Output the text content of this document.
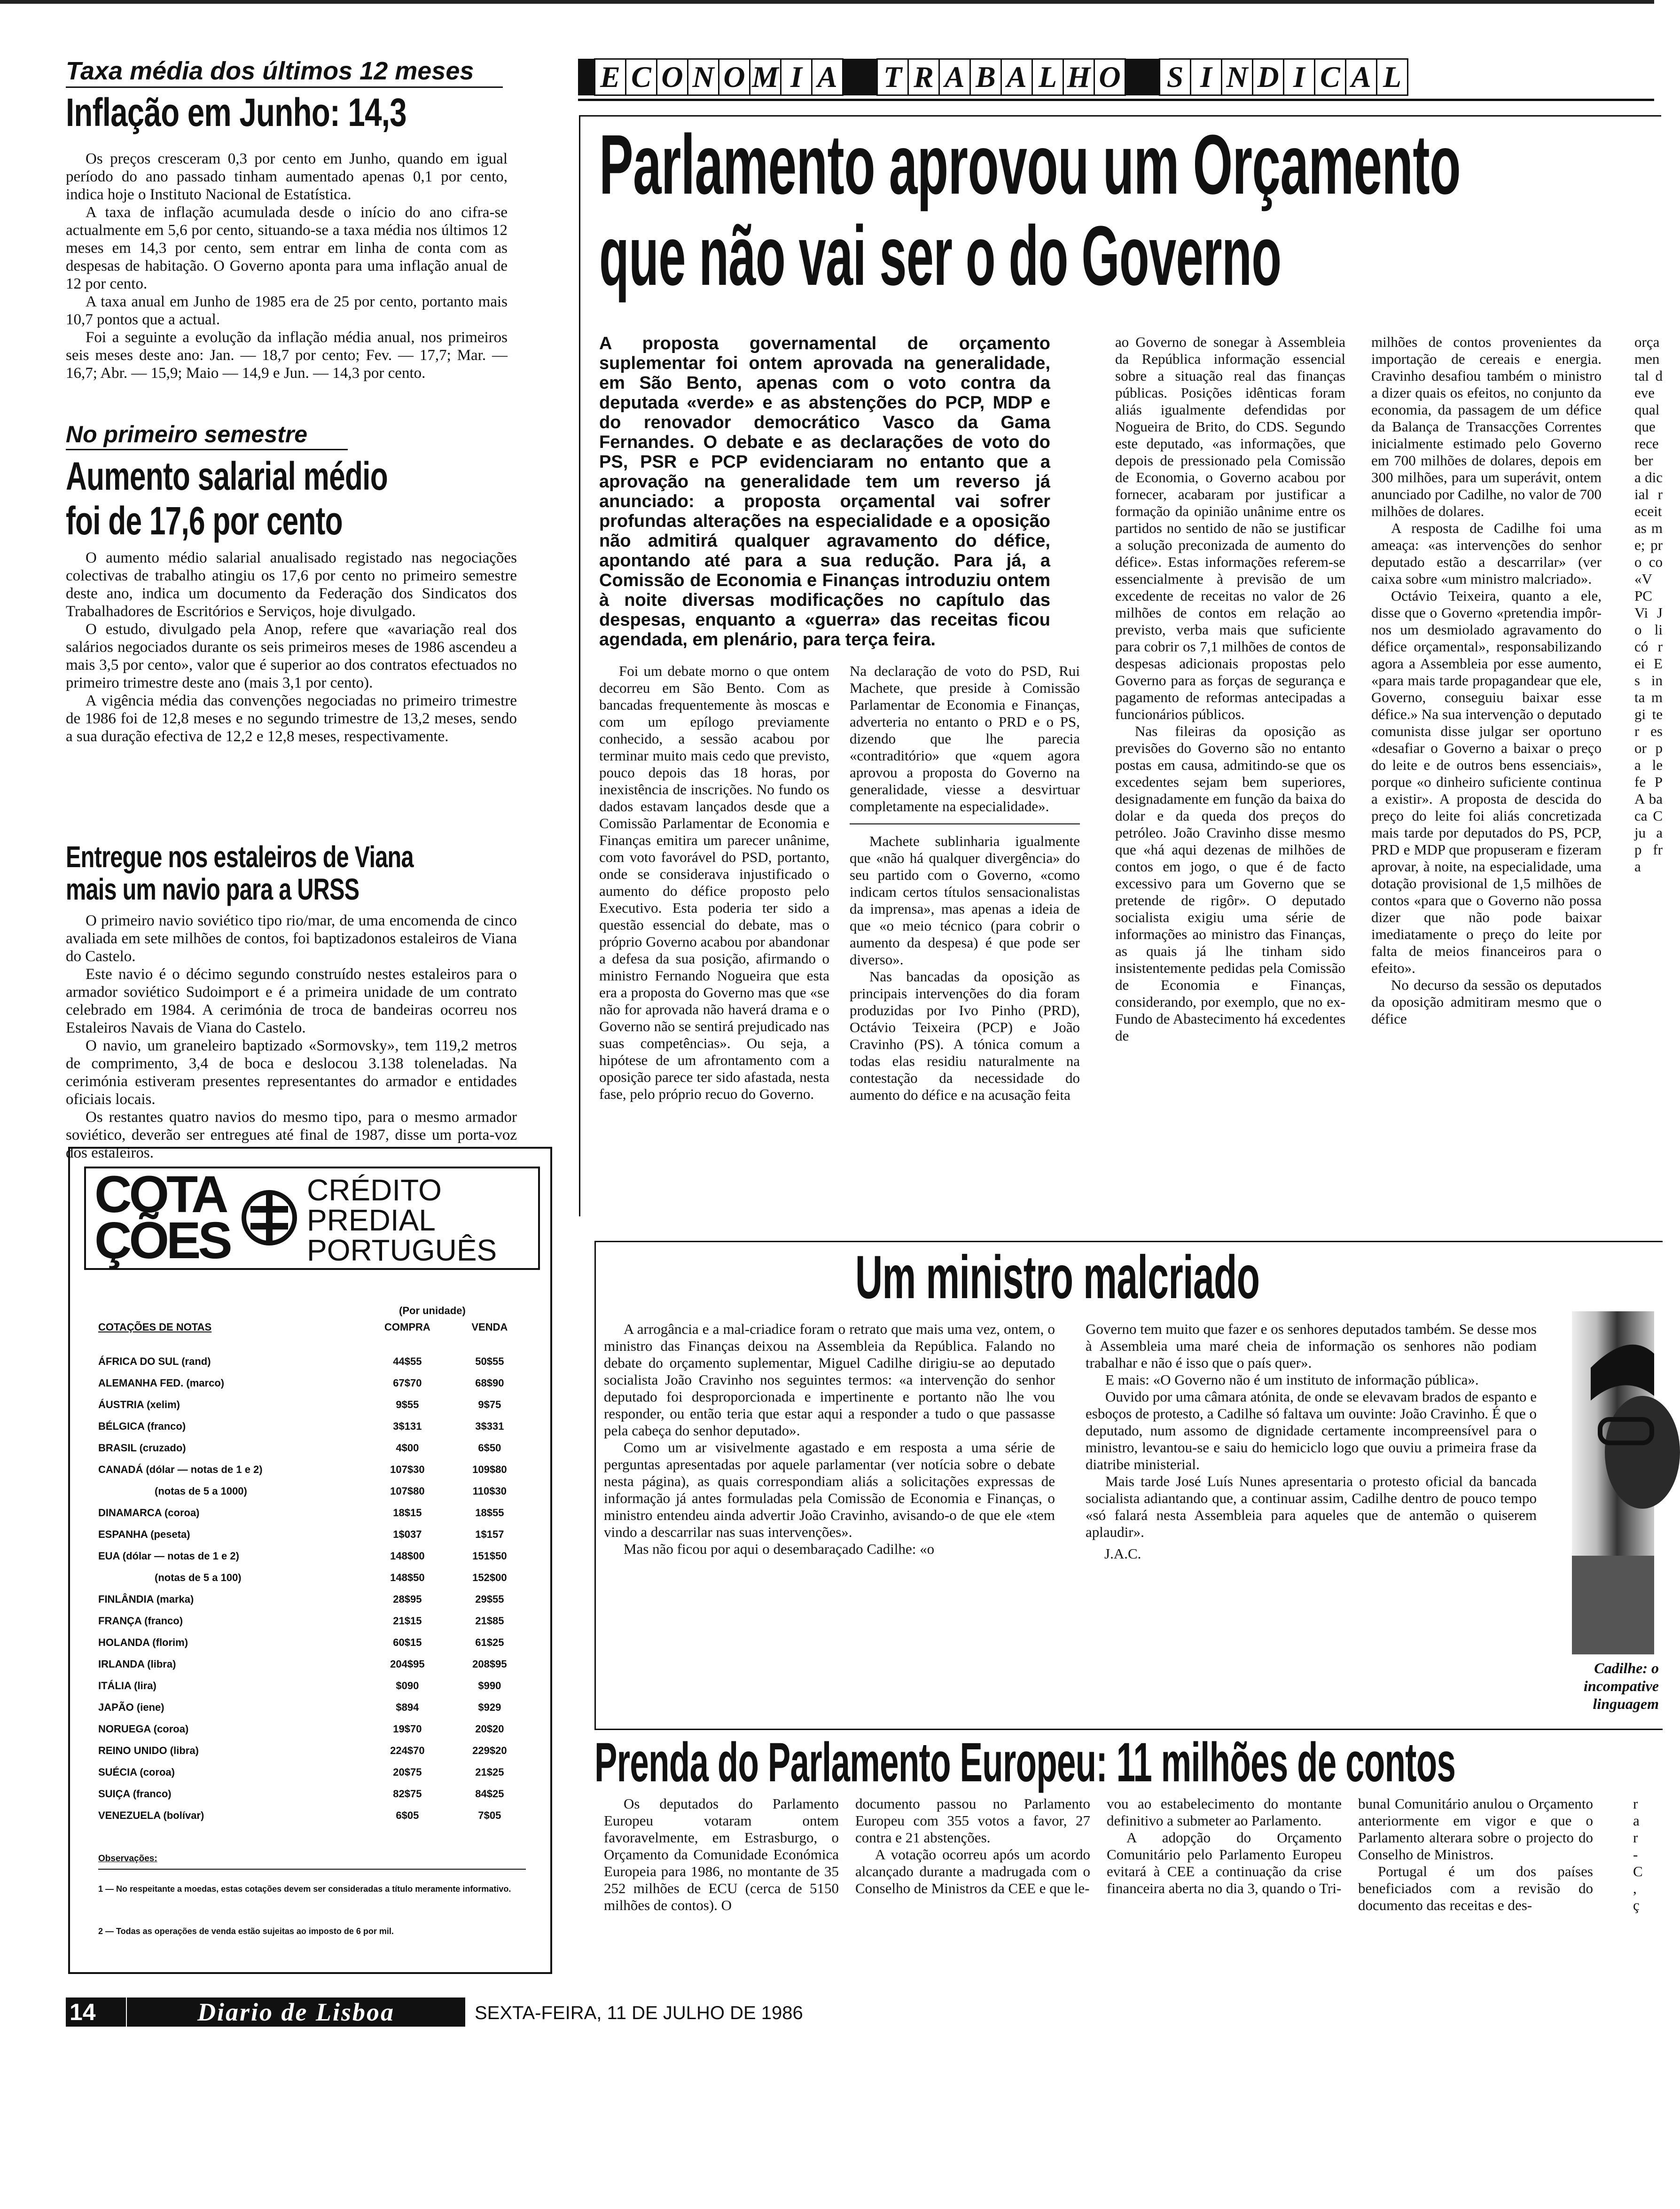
Taxa média dos últimos 12 meses
Inflação em Junho: 14,3

Os preços cresceram 0,3 por cento em Junho, quando em igual período do ano passado tinham aumentado apenas 0,1 por cento, indica hoje o Instituto Nacional de Estatística.

A taxa de inflação acumulada desde o início do ano cifra-se actualmente em 5,6 por cento, situando-se a taxa média nos últimos 12 meses em 14,3 por cento, sem entrar em linha de conta com as despesas de habitação. O Governo aponta para uma inflação anual de 12 por cento.

A taxa anual em Junho de 1985 era de 25 por cento, portanto mais 10,7 pontos que a actual.

Foi a seguinte a evolução da inflação média anual, nos primeiros seis meses deste ano: Jan. — 18,7 por cento; Fev. — 17,7; Mar. — 16,7; Abr. — 15,9; Maio — 14,9 e Jun. — 14,3 por cento.

No primeiro semestre
Aumento salarial médio
foi de 17,6 por cento

O aumento médio salarial anualisado registado nas negociações colectivas de trabalho atingiu os 17,6 por cento no primeiro semestre deste ano, indica um documento da Federação dos Sindicatos dos Trabalhadores de Escritórios e Serviços, hoje divulgado.

O estudo, divulgado pela Anop, refere que «avariação real dos salários negociados durante os seis primeiros meses de 1986 ascendeu a mais 3,5 por cento», valor que é superior ao dos contratos efectuados no primeiro trimestre deste ano (mais 3,1 por cento).

A vigência média das convenções negociadas no primeiro trimestre de 1986 foi de 12,8 meses e no segundo trimestre de 13,2 meses, sendo a sua duração efectiva de 12,2 e 12,8 meses, respectivamente.

Entregue nos estaleiros de Viana
mais um navio para a URSS

O primeiro navio soviético tipo rio/mar, de uma encomenda de cinco avaliada em sete milhões de contos, foi baptizadonos estaleiros de Viana do Castelo.

Este navio é o décimo segundo construído nestes estaleiros para o armador soviético Sudoimport e é a primeira unidade de um contrato celebrado em 1984. A cerimónia de troca de bandeiras ocorreu nos Estaleiros Navais de Viana do Castelo.

O navio, um graneleiro baptizado «Sormovsky», tem 119,2 metros de comprimento, 3,4 de boca e deslocou 3.138 toleneladas. Na cerimónia estiveram presentes representantes do armador e entidades oficiais locais.

Os restantes quatro navios do mesmo tipo, para o mesmo armador soviético, deverão ser entregues até final de 1987, disse um porta-voz dos estaleiros.

COTA
ÇÕES
CRÉDITO
PREDIAL
PORTUGUÊS
(Por unidade)
COTAÇÕES DE NOTAS	COMPRA	VENDA
ÁFRICA DO SUL (rand)	44$55	50$55
ALEMANHA FED. (marco)	67$70	68$90
ÁUSTRIA (xelim)	9$55	9$75
BÉLGICA (franco)	3$131	3$331
BRASIL (cruzado)	4$00	6$50
CANADÁ (dólar — notas de 1 e 2)	107$30	109$80
(notas de 5 a 1000)	107$80	110$30
DINAMARCA (coroa)	18$15	18$55
ESPANHA (peseta)	1$037	1$157
EUA (dólar — notas de 1 e 2)	148$00	151$50
(notas de 5 a 100)	148$50	152$00
FINLÂNDIA (marka)	28$95	29$55
FRANÇA (franco)	21$15	21$85
HOLANDA (florim)	60$15	61$25
IRLANDA (libra)	204$95	208$95
ITÁLIA (lira)	$090	$990
JAPÃO (iene)	$894	$929
NORUEGA (coroa)	19$70	20$20
REINO UNIDO (libra)	224$70	229$20
SUÉCIA (coroa)	20$75	21$25
SUIÇA (franco)	82$75	84$25
VENEZUELA (bolívar)	6$05	7$05
Observações:
1 — No respeitante a moedas, estas cotações devem ser consideradas a título meramente informativo.
2 — Todas as operações de venda estão sujeitas ao imposto de 6 por mil.
E C O N O M I A T R A B A L H O S I N D I C A L
Parlamento aprovou um Orçamento
que não vai ser o do Governo
A proposta governamental de orçamento suplementar foi ontem aprovada na generalidade, em São Bento, apenas com o voto contra da deputada «verde» e as abstenções do PCP, MDP e do renovador democrático Vasco da Gama Fernandes. O debate e as declarações de voto do PS, PSR e PCP evidenciaram no entanto que a aprovação na generalidade tem um reverso já anunciado: a proposta orçamental vai sofrer profundas alterações na especialidade e a oposição não admitirá qualquer agravamento do défice, apontando até para a sua redução. Para já, a Comissão de Economia e Finanças introduziu ontem à noite diversas modificações no capítulo das despesas, enquanto a «guerra» das receitas ficou agendada, em plenário, para terça feira.

Foi um debate morno o que ontem decorreu em São Bento. Com as bancadas frequentemente às moscas e com um epílogo previamente conhecido, a sessão acabou por terminar muito mais cedo que previsto, pouco depois das 18 horas, por inexistência de inscrições. No fundo os dados estavam lançados desde que a Comissão Parlamentar de Economia e Finanças emitira um parecer unânime, com voto favorável do PSD, portanto, onde se considerava injustificado o aumento do défice proposto pelo Executivo. Esta poderia ter sido a questão essencial do debate, mas o próprio Governo acabou por abandonar a defesa da sua posição, afirmando o ministro Fernando Nogueira que esta era a proposta do Governo mas que «se não for aprovada não haverá drama e o Governo não se sentirá prejudicado nas suas competências». Ou seja, a hipótese de um afrontamento com a oposição parece ter sido afastada, nesta fase, pelo próprio recuo do Governo.

Na declaração de voto do PSD, Rui Machete, que preside à Comissão Parlamentar de Economia e Finanças, adverteria no entanto o PRD e o PS, dizendo que lhe parecia «contraditório» que «quem agora aprovou a proposta do Governo na generalidade, viesse a desvirtuar completamente na especialidade».

Machete sublinharia igualmente que «não há qualquer divergência» do seu partido com o Governo, «como indicam certos títulos sensacionalistas da imprensa», mas apenas a ideia de que «o meio técnico (para cobrir o aumento da despesa) é que pode ser diverso».

Nas bancadas da oposição as principais intervenções do dia foram produzidas por Ivo Pinho (PRD), Octávio Teixeira (PCP) e João Cravinho (PS). A tónica comum a todas elas residiu naturalmente na contestação da necessidade do aumento do défice e na acusação feita

ao Governo de sonegar à Assembleia da República informação essencial sobre a situação real das finanças públicas. Posições idênticas foram aliás igualmente defendidas por Nogueira de Brito, do CDS. Segundo este deputado, «as informações, que depois de pressionado pela Comissão de Economia, o Governo acabou por fornecer, acabaram por justificar a formação da opinião unânime entre os partidos no sentido de não se justificar a solução preconizada de aumento do défice». Estas informações referem-se essencialmente à previsão de um excedente de receitas no valor de 26 milhões de contos em relação ao previsto, verba mais que suficiente para cobrir os 7,1 milhões de contos de despesas adicionais propostas pelo Governo para as forças de segurança e pagamento de reformas antecipadas a funcionários públicos.

Nas fileiras da oposição as previsões do Governo são no entanto postas em causa, admitindo-se que os excedentes sejam bem superiores, designadamente em função da baixa do dolar e da queda dos preços do petróleo. João Cravinho disse mesmo que «há aqui dezenas de milhões de contos em jogo, o que é de facto excessivo para um Governo que se pretende de rigôr». O deputado socialista exigiu uma série de informações ao ministro das Finanças, as quais já lhe tinham sido insistentemente pedidas pela Comissão de Economia e Finanças, considerando, por exemplo, que no ex-Fundo de Abastecimento há excedentes de

milhões de contos provenientes da importação de cereais e energia. Cravinho desafiou também o ministro a dizer quais os efeitos, no conjunto da economia, da passagem de um défice da Balança de Transacções Correntes inicialmente estimado pelo Governo em 700 milhões de dolares, depois em 300 milhões, para um superávit, ontem anunciado por Cadilhe, no valor de 700 milhões de dolares.

A resposta de Cadilhe foi uma ameaça: «as intervenções do senhor deputado estão a descarrilar» (ver caixa sobre «um ministro malcriado».

Octávio Teixeira, quanto a ele, disse que o Governo «pretendia impôr-nos um desmiolado agravamento do défice orçamental», responsabilizando agora a Assembleia por esse aumento, «para mais tarde propagandear que ele, Governo, conseguiu baixar esse défice.» Na sua intervenção o deputado comunista disse julgar ser oportuno «desafiar o Governo a baixar o preço do leite e de outros bens essenciais», porque «o dinheiro suficiente continua a existir». A proposta de descida do preço do leite foi aliás concretizada mais tarde por deputados do PS, PCP, PRD e MDP que propuseram e fizeram aprovar, à noite, na especialidade, uma dotação provisional de 1,5 milhões de contos «para que o Governo não possa dizer que não pode baixar imediatamente o preço do leite por falta de meios financeiros para o efeito».

No decurso da sessão os deputados da oposição admitiram mesmo que o défice

orçamental deve qual que receber a dicial receitas me; pro co «V PC Vi Jo li có rei Es in ta m gi ter es or pa le fe P A ba ca C ju a p fr a

Um ministro malcriado

A arrogância e a mal-criadice foram o retrato que mais uma vez, ontem, o ministro das Finanças deixou na Assembleia da República. Falando no debate do orçamento suplementar, Miguel Cadilhe dirigiu-se ao deputado socialista João Cravinho nos seguintes termos: «a intervenção do senhor deputado foi desproporcionada e impertinente e portanto não lhe vou responder, ou então teria que estar aqui a responder a tudo o que passasse pela cabeça do senhor deputado».

Como um ar visivelmente agastado e em resposta a uma série de perguntas apresentadas por aquele parlamentar (ver notícia sobre o debate nesta página), as quais correspondiam aliás a solicitações expressas de informação já antes formuladas pela Comissão de Economia e Finanças, o ministro entendeu ainda advertir João Cravinho, avisando-o de que ele «tem vindo a descarrilar nas suas intervenções».

Mas não ficou por aqui o desembaraçado Cadilhe: «o

Governo tem muito que fazer e os senhores deputados também. Se desse mos à Assembleia uma maré cheia de informação os senhores não podiam trabalhar e não é isso que o país quer».

E mais: «O Governo não é um instituto de informação pública».

Ouvido por uma câmara atónita, de onde se elevavam brados de espanto e esboços de protesto, a Cadilhe só faltava um ouvinte: João Cravinho. É que o deputado, num assomo de dignidade certamente incompreensível para o ministro, levantou-se e saiu do hemiciclo logo que ouviu a primeira frase da diatribe ministerial.

Mais tarde José Luís Nunes apresentaria o protesto oficial da bancada socialista adiantando que, a continuar assim, Cadilhe dentro de pouco tempo «só falará nesta Assembleia para aqueles que de antemão o quiserem aplaudir».

J.A.C.
Cadilhe: o
incompative
linguagem
Prenda do Parlamento Europeu: 11 milhões de contos

Os deputados do Parlamento Europeu votaram ontem favoravelmente, em Estrasburgo, o Orçamento da Comunidade Económica Europeia para 1986, no montante de 35 252 milhões de ECU (cerca de 5150 milhões de contos). O

documento passou no Parlamento Europeu com 355 votos a favor, 27 contra e 21 abstenções.

A votação ocorreu após um acordo alcançado durante a madrugada com o Conselho de Ministros da CEE e que le-

vou ao estabelecimento do montante definitivo a submeter ao Parlamento.

A adopção do Orçamento Comunitário pelo Parlamento Europeu evitará à CEE a continuação da crise financeira aberta no dia 3, quando o Tri-

bunal Comunitário anulou o Orçamento anteriormente em vigor e que o Parlamento alterara sobre o projecto do Conselho de Ministros.

Portugal é um dos países beneficiados com a revisão do documento das receitas e des-

r
a
r
-
C
,
ç
14	Diario de Lisboa	SEXTA-FEIRA, 11 DE JULHO DE 1986
